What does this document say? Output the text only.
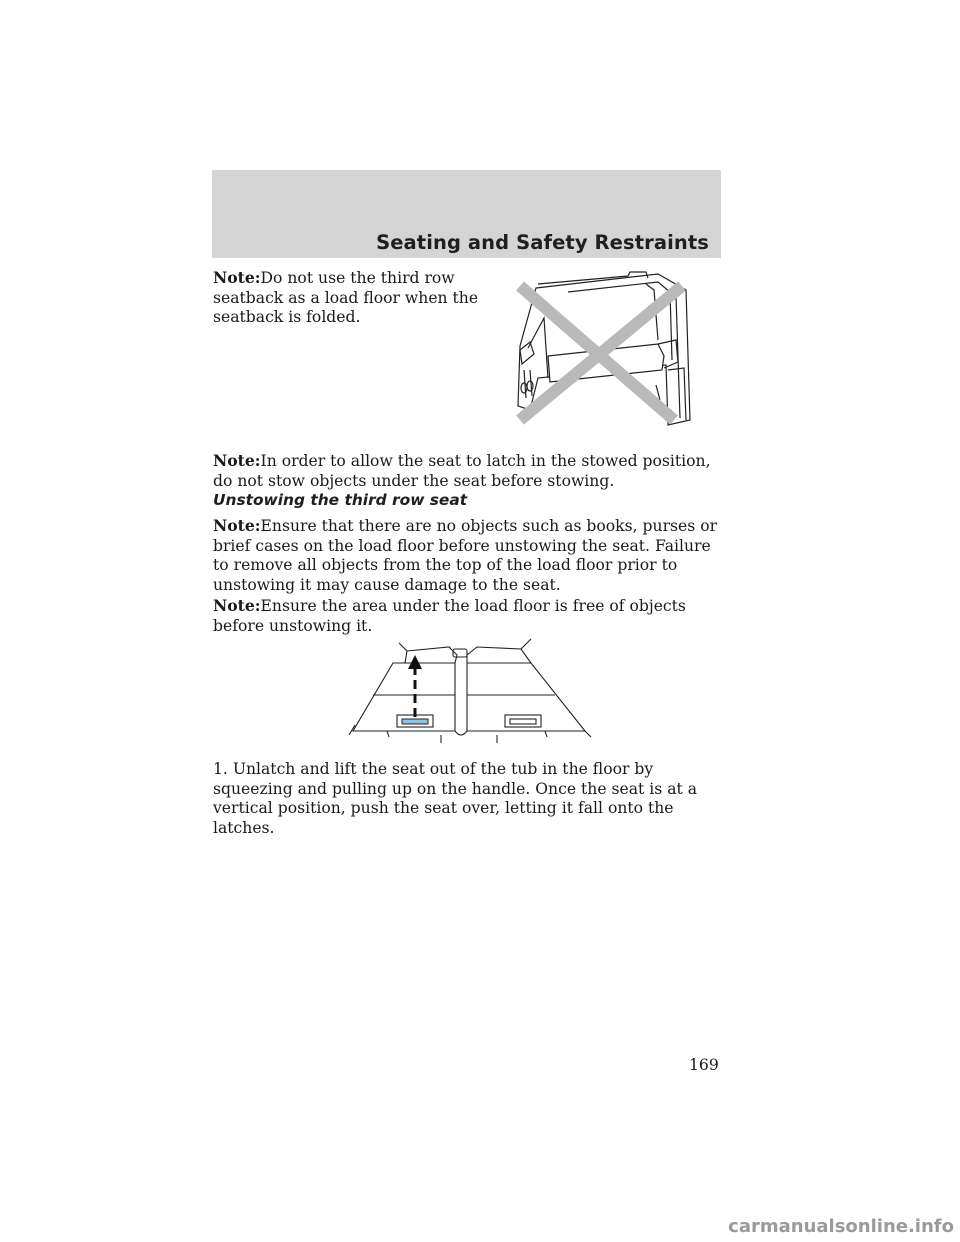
Seating and Safety Restraints

Note:Do not use the third row seatback as a load floor when the seatback is folded.

Note:In order to allow the seat to latch in the stowed position, do not stow objects under the seat before stowing.

Unstowing the third row seat

Note:Ensure that there are no objects such as books, purses or brief cases on the load floor before unstowing the seat. Failure to remove all objects from the top of the load floor prior to unstowing it may cause damage to the seat.

Note:Ensure the area under the load floor is free of objects before unstowing it.

1. Unlatch and lift the seat out of the tub in the floor by squeezing and pulling up on the handle. Once the seat is at a vertical position, push the seat over, letting it fall onto the latches.

169

carmanualsonline.info
